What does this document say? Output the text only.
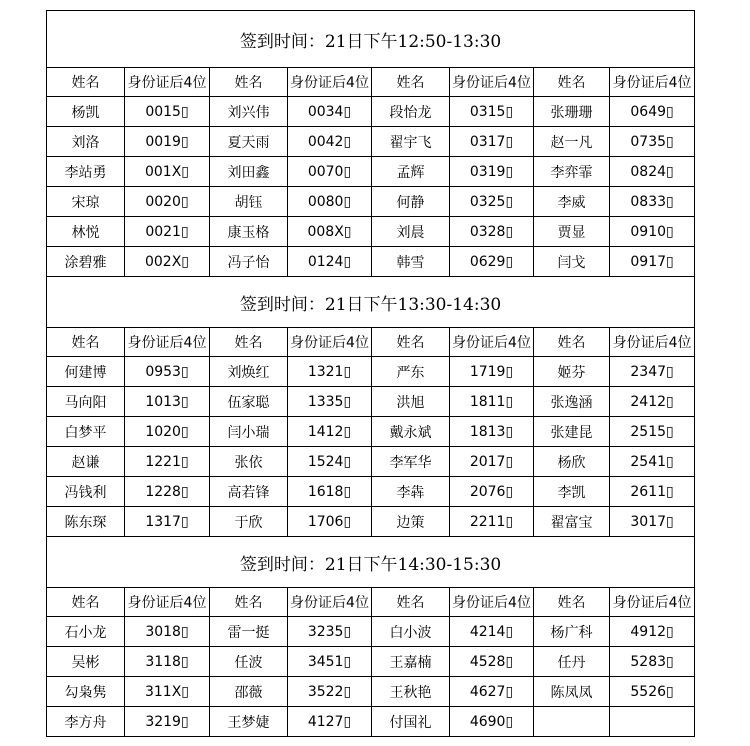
签到时间：21日下午12:50-13:30							
姓名	身份证后4位	姓名	身份证后4位	姓名	身份证后4位	姓名	身份证后4位
杨凯	0015▯	刘兴伟	0034▯	段怡龙	0315▯	张珊珊	0649▯
刘洛	0019▯	夏天雨	0042▯	翟宇飞	0317▯	赵一凡	0735▯
李站勇	001X▯	刘田鑫	0070▯	孟辉	0319▯	李弈霏	0824▯
宋琼	0020▯	胡钰	0080▯	何静	0325▯	李威	0833▯
林悦	0021▯	康玉格	008X▯	刘晨	0328▯	贾显	0910▯
涂碧雅	002X▯	冯子怡	0124▯	韩雪	0629▯	闫戈	0917▯
签到时间：21日下午13:30-14:30							
姓名	身份证后4位	姓名	身份证后4位	姓名	身份证后4位	姓名	身份证后4位
何建博	0953▯	刘焕红	1321▯	严东	1719▯	姬芬	2347▯
马向阳	1013▯	伍家聪	1335▯	洪旭	1811▯	张逸涵	2412▯
白梦平	1020▯	闫小瑞	1412▯	戴永斌	1813▯	张建昆	2515▯
赵谦	1221▯	张依	1524▯	李军华	2017▯	杨欣	2541▯
冯钱利	1228▯	高若锋	1618▯	李犇	2076▯	李凯	2611▯
陈东琛	1317▯	于欣	1706▯	边策	2211▯	翟富宝	3017▯
签到时间：21日下午14:30-15:30							
姓名	身份证后4位	姓名	身份证后4位	姓名	身份证后4位	姓名	身份证后4位
石小龙	3018▯	雷一挺	3235▯	白小波	4214▯	杨广科	4912▯
吴彬	3118▯	任波	3451▯	王嘉楠	4528▯	任丹	5283▯
勾枭隽	311X▯	邵薇	3522▯	王秋艳	4627▯	陈凤凤	5526▯
李方舟	3219▯	王梦婕	4127▯	付国礼	4690▯		
